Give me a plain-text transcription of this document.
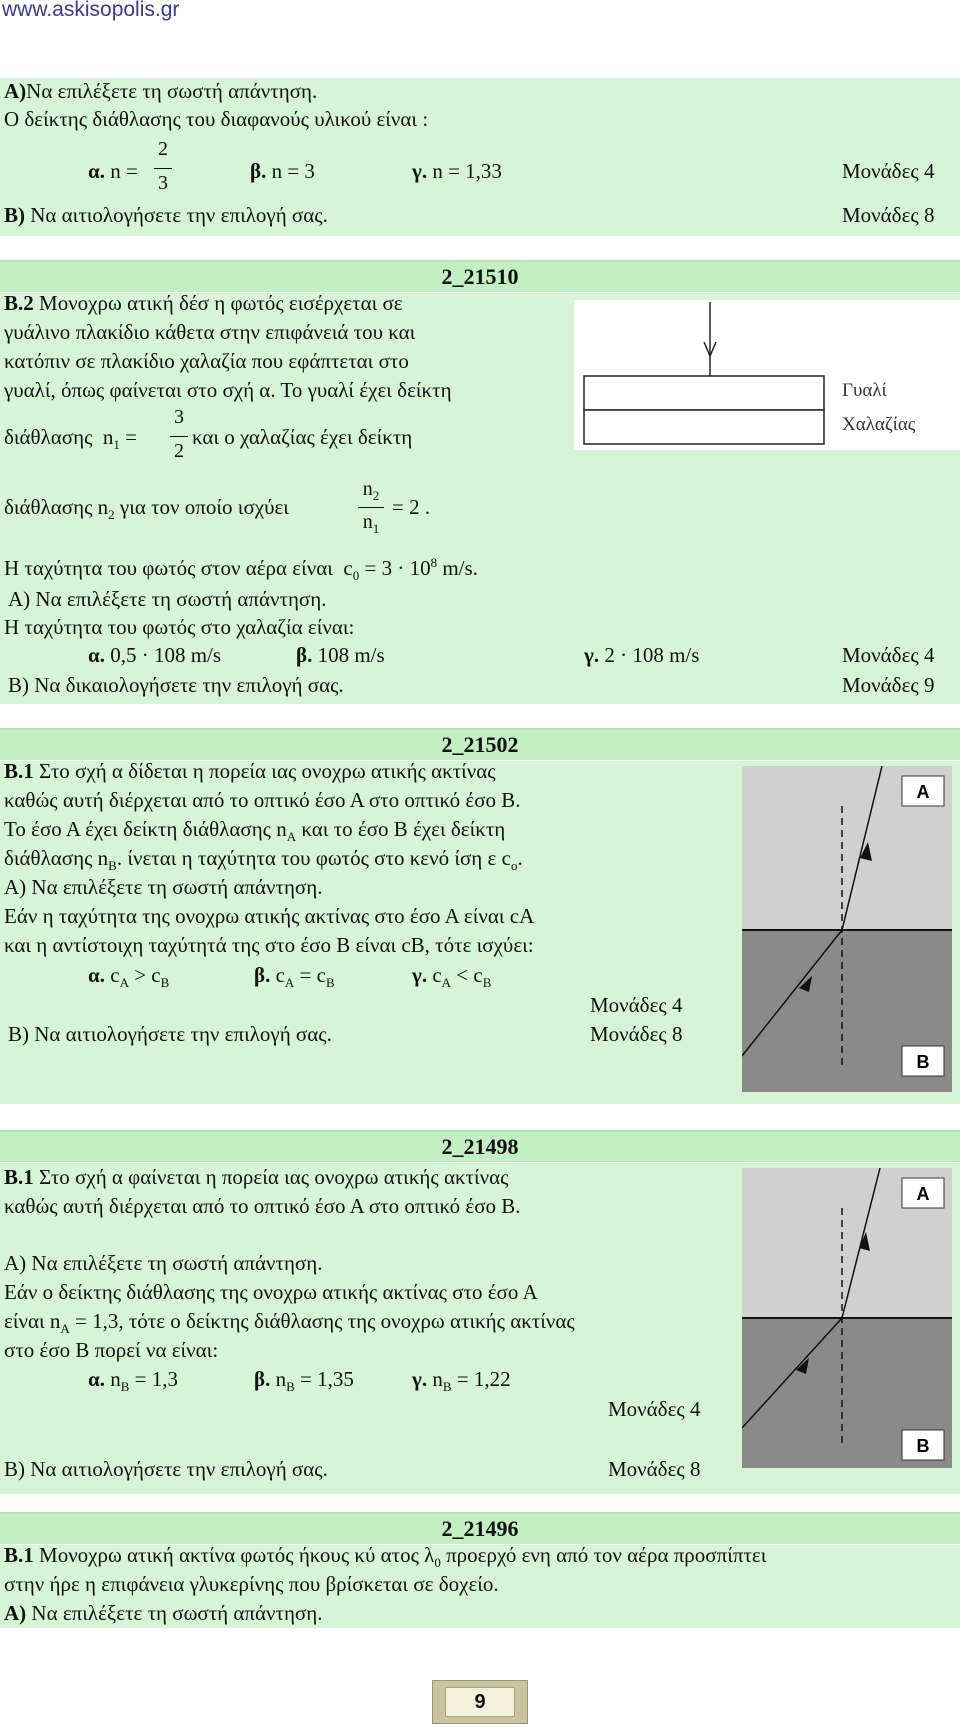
www.askisopolis.gr
Α)Να επιλέξετε τη σωστή απάντηση.
Ο δείκτης διάθλασης του διαφανούς υλικού είναι :
α. n =
2
3	β. n = 3	γ. n = 1,33	Μονάδες 4
Β) Να αιτιολογήσετε την επιλογή σας.	Μονάδες 8
2_21510
Β.2 Μονοχρω ατική δέσ η φωτός εισέρχεται σε
γυάλινο πλακίδιο κάθετα στην επιφάνειά του και
κατόπιν σε πλακίδιο χαλαζία που εφάπτεται στο
γυαλί, όπως φαίνεται στο σχή α. Το γυαλί έχει δείκτη
διάθλασης $n_1$ =
3
2
και ο χαλαζίας έχει δείκτη
διάθλασης $n_2$ για τον οποίο ισχύει
$n_2$
$n_1$
= 2 .
Η ταχύτητα του φωτός στον αέρα είναι $c_0 = 3 \cdot 10^8$ m/s.
Α) Να επιλέξετε τη σωστή απάντηση.
Η ταχύτητα του φωτός στο χαλαζία είναι:
α. 0,5 · 108 m/s	β. 108 m/s	γ. 2 · 108 m/s	Μονάδες 4
Β) Να δικαιολογήσετε την επιλογή σας.	Μονάδες 9
Γυαλί
Χαλαζίας
2_21502
Β.1 Στο σχή α δίδεται η πορεία ιας ονοχρω ατικής ακτίνας
καθώς αυτή διέρχεται από το οπτικό έσο Α στο οπτικό έσο Β.
Το έσο Α έχει δείκτη διάθλασης $n_A$ και το έσο Β έχει δείκτη
διάθλασης $n_B$. ίνεται η ταχύτητα του φωτός στο κενό ίση ε $c_o$.
Α) Να επιλέξετε τη σωστή απάντηση.
Εάν η ταχύτητα της ονοχρω ατικής ακτίνας στο έσο Α είναι cA
και η αντίστοιχη ταχύτητά της στο έσο Β είναι cB, τότε ισχύει:
α. $c_A > c_B$	β. $c_A = c_B$	γ. $c_A < c_B$
Μονάδες 4
Β) Να αιτιολογήσετε την επιλογή σας.	Μονάδες 8
A
B
2_21498
Β.1 Στο σχή α φαίνεται η πορεία ιας ονοχρω ατικής ακτίνας
καθώς αυτή διέρχεται από το οπτικό έσο Α στο οπτικό έσο Β.
Α) Να επιλέξετε τη σωστή απάντηση.
Εάν ο δείκτης διάθλασης της ονοχρω ατικής ακτίνας στο έσο Α
είναι $n_A = 1,3$, τότε ο δείκτης διάθλασης της ονοχρω ατικής ακτίνας
στο έσο Β πορεί να είναι:
α. $n_B = 1,3$	β. $n_B = 1,35$	γ. $n_B = 1,22$
Μονάδες 4
Β) Να αιτιολογήσετε την επιλογή σας.	Μονάδες 8
A
B
2_21496
Β.1 Μονοχρω ατική ακτίνα φωτός ήκους κύ ατος $\lambda_0$ προερχό ενη από τον αέρα προσπίπτει
στην ήρε η επιφάνεια γλυκερίνης που βρίσκεται σε δοχείο.
Α) Να επιλέξετε τη σωστή απάντηση.
9
